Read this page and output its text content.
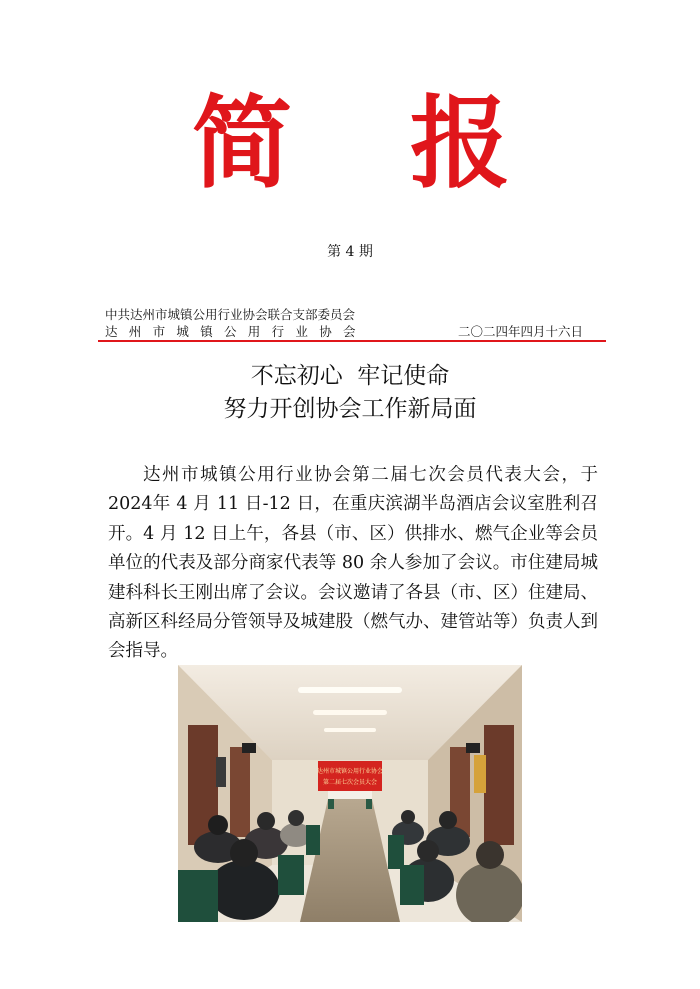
简 报
第 4 期
中共达州市城镇公用行业协会联合支部委员会
达州市城镇公用行业协会	二〇二四年四月十六日
不忘初心  牢记使命
努力开创协会工作新局面
达州市城镇公用行业协会第二届七次会员代表大会，于2024年 4 月 11 日-12 日，在重庆滨湖半岛酒店会议室胜利召开。4 月 12 日上午，各县（市、区）供排水、燃气企业等会员单位的代表及部分商家代表等 80 余人参加了会议。市住建局城建科科长王刚出席了会议。会议邀请了各县（市、区）住建局、高新区科经局分管领导及城建股（燃气办、建管站等）负责人到会指导。
达州市城镇公用行业协会
第二届七次会员大会
